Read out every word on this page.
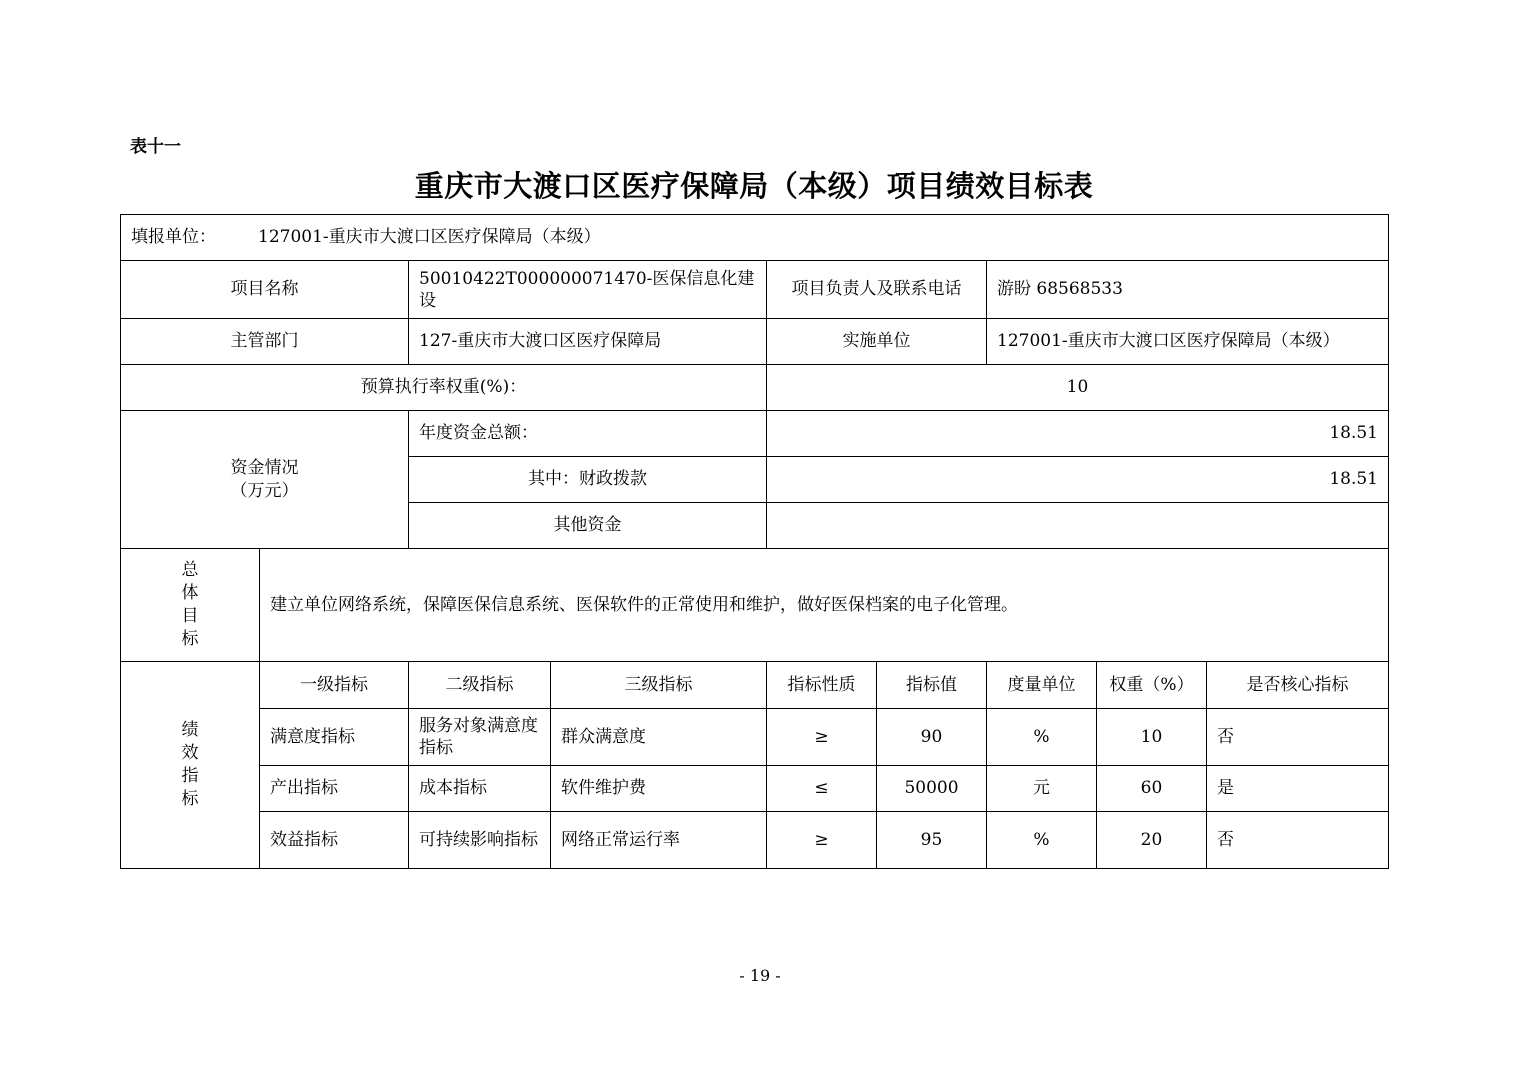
表十一
重庆市大渡口区医疗保障局（本级）项目绩效目标表
填报单位： 127001-重庆市大渡口区医疗保障局（本级）								
项目名称		50010422T000000071470-医保信息化建设		项目负责人及联系电话		游盼 68568533		
主管部门		127-重庆市大渡口区医疗保障局		实施单位		127001-重庆市大渡口区医疗保障局（本级）		
预算执行率权重(%)：				10				

资金情况
（万元）		年度资金总额：		18.51				
		其中：财政拨款		18.51				
		其他资金						

总
体
目
标	建立单位网络系统，保障医保信息系统、医保软件的正常使用和维护，做好医保档案的电子化管理。							

绩
效
指
标	一级指标	二级指标	三级指标	指标性质	指标值	度量单位	权重（%）	是否核心指标
	满意度指标	服务对象满意度指标	群众满意度	≥	90	%	10	否
	产出指标	成本指标	软件维护费	≤	50000	元	60	是
	效益指标	可持续影响指标	网络正常运行率	≥	95	%	20	否
- 19 -
